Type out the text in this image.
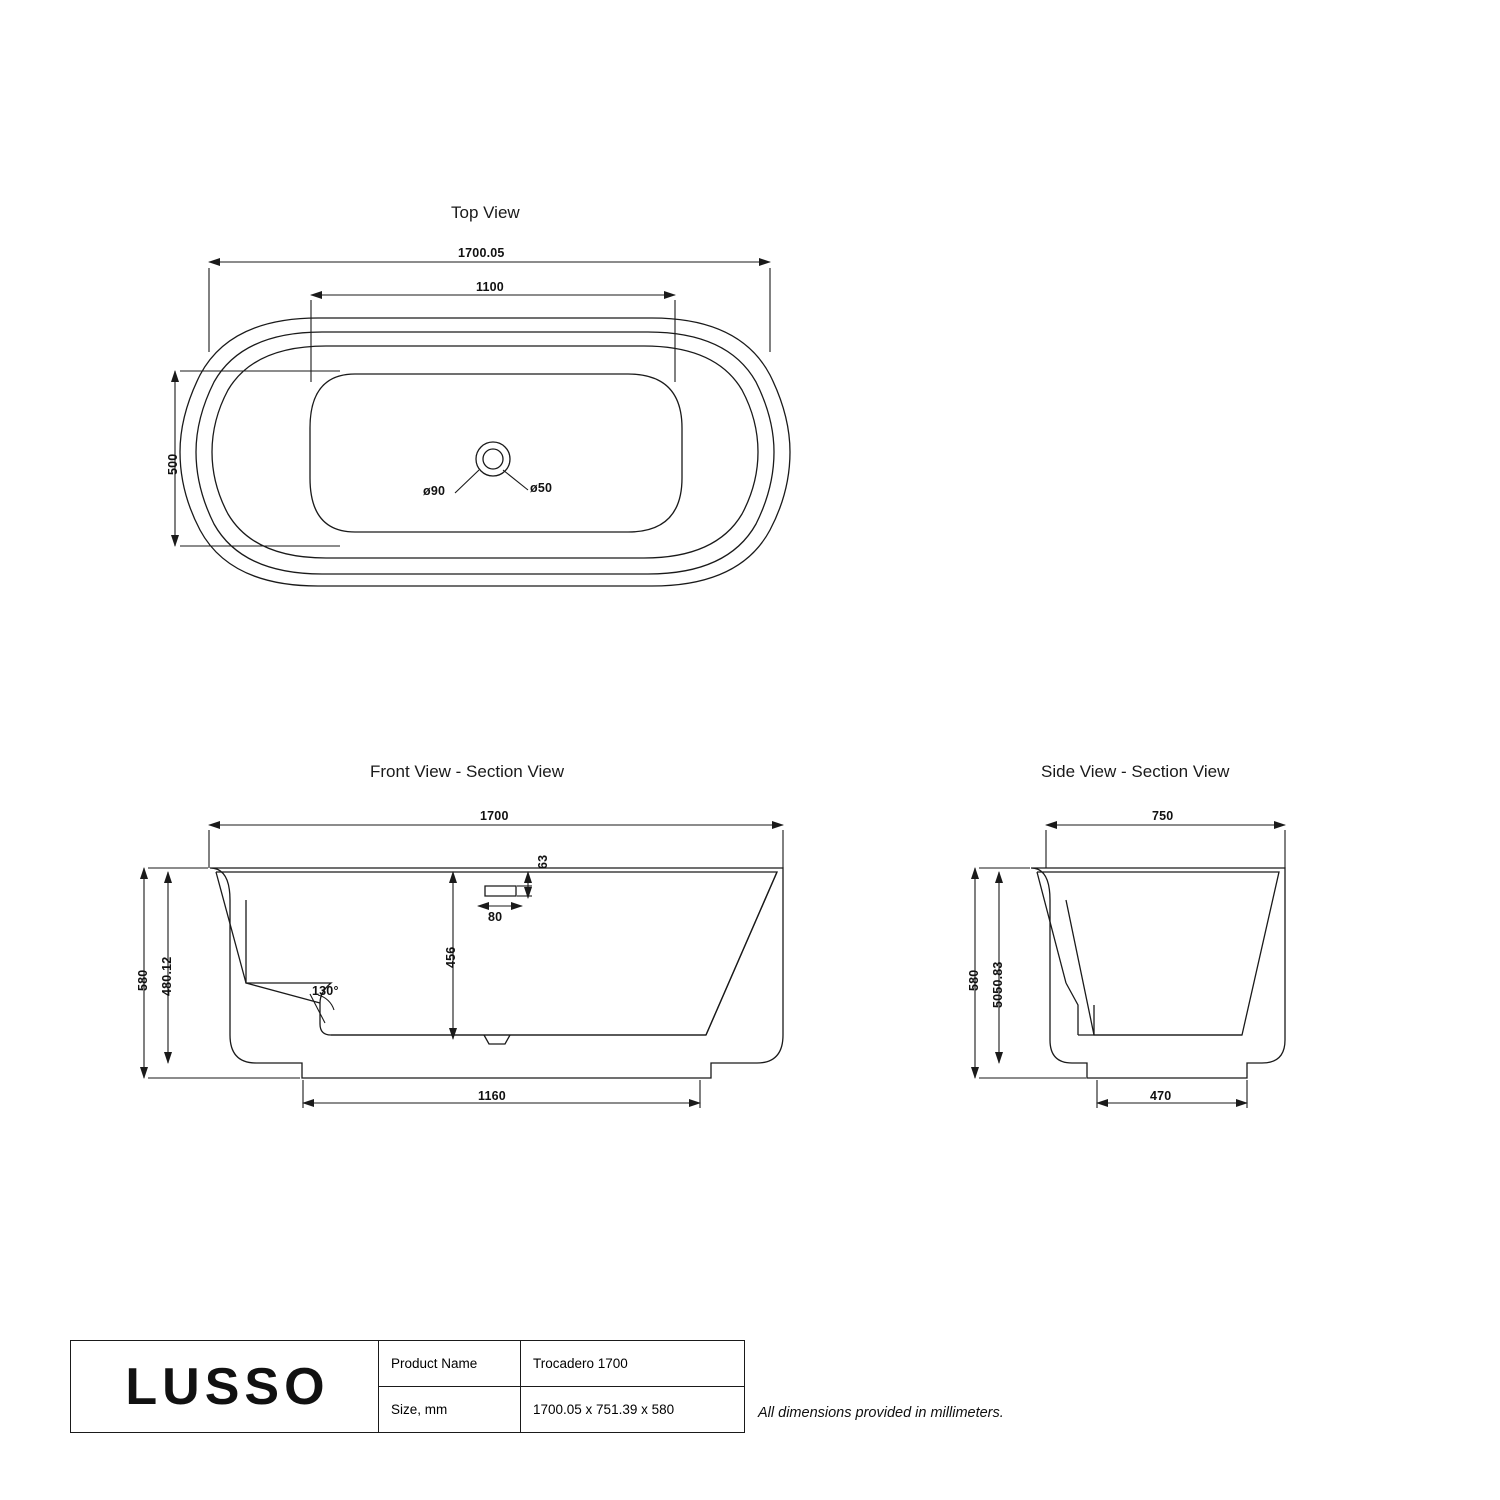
Top View
Front View - Section View	Side View - Section View
1700.05
1100
500
ø90	ø50
1700
63
80
456
580 480.12	130°
1160
750
580 5050.83
470
LUSSO	Product Name	Trocadero 1700
Size, mm	1700.05 x 751.39 x 580	All dimensions provided in millimeters.
